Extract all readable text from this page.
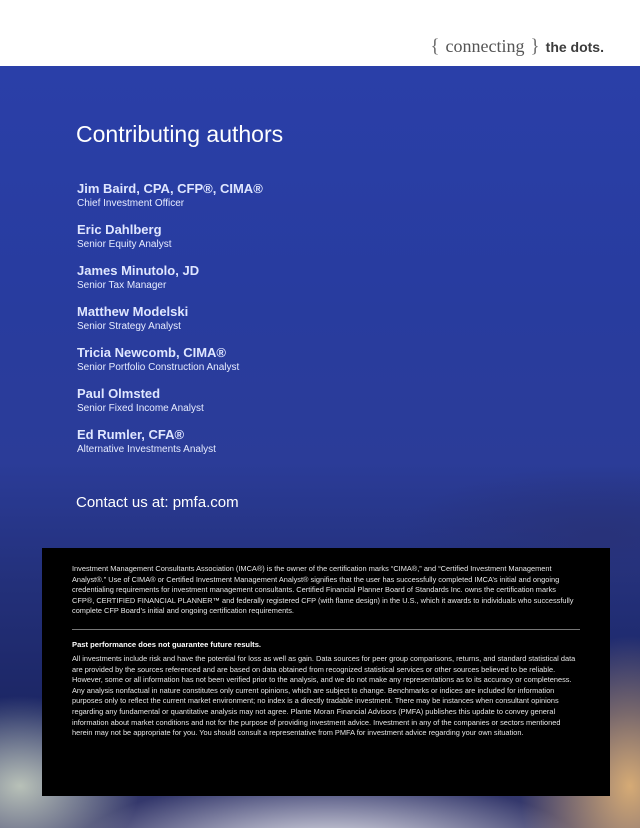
{ connecting } the dots.
Contributing authors
Jim Baird, CPA, CFP®, CIMA®
Chief Investment Officer
Eric Dahlberg
Senior Equity Analyst
James Minutolo, JD
Senior Tax Manager
Matthew Modelski
Senior Strategy Analyst
Tricia Newcomb, CIMA®
Senior Portfolio Construction Analyst
Paul Olmsted
Senior Fixed Income Analyst
Ed Rumler, CFA®
Alternative Investments Analyst
Contact us at: pmfa.com

Investment Management Consultants Association (IMCA®) is the owner of the certification marks “CIMA®,” and “Certified Investment Management Analyst®.” Use of CIMA® or Certified Investment Management Analyst® signifies that the user has successfully completed IMCA’s initial and ongoing credentialing requirements for investment management consultants. Certified Financial Planner Board of Standards Inc. owns the certification marks CFP®, CERTIFIED FINANCIAL PLANNER™ and federally registered CFP (with flame design) in the U.S., which it awards to individuals who successfully complete CFP Board’s initial and ongoing certification requirements.

Past performance does not guarantee future results.

All investments include risk and have the potential for loss as well as gain. Data sources for peer group comparisons, returns, and standard statistical data are provided by the sources referenced and are based on data obtained from recognized statistical services or other sources believed to be reliable. However, some or all information has not been verified prior to the analysis, and we do not make any representations as to its accuracy or completeness. Any analysis nonfactual in nature constitutes only current opinions, which are subject to change. Benchmarks or indices are included for information purposes only to reflect the current market environment; no index is a directly tradable investment. There may be instances when consultant opinions regarding any fundamental or quantitative analysis may not agree. Plante Moran Financial Advisors (PMFA) publishes this update to convey general information about market conditions and not for the purpose of providing investment advice. Investment in any of the companies or sectors mentioned herein may not be appropriate for you. You should consult a representative from PMFA for investment advice regarding your own situation.
